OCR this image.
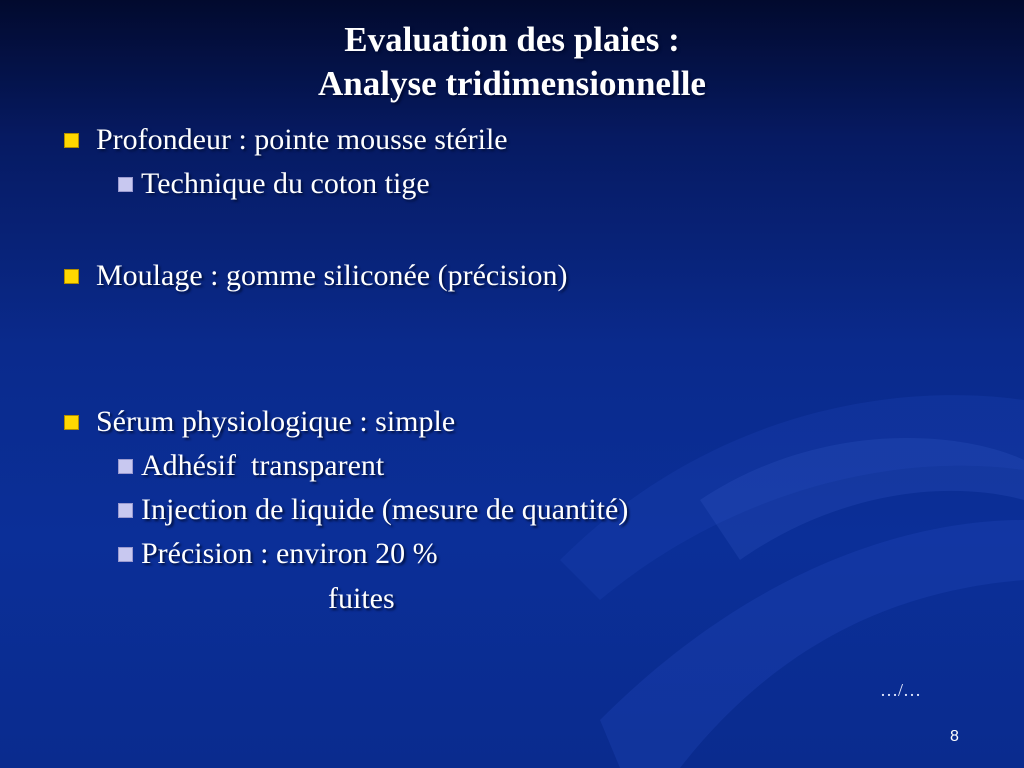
Evaluation des plaies :
Analyse tridimensionnelle
Profondeur : pointe mousse stérile
Technique du coton tige
Moulage : gomme siliconée (précision)
Sérum physiologique : simple
Adhésif  transparent
Injection de liquide (mesure de quantité)
Précision : environ 20 %
fuites
…/…
8
